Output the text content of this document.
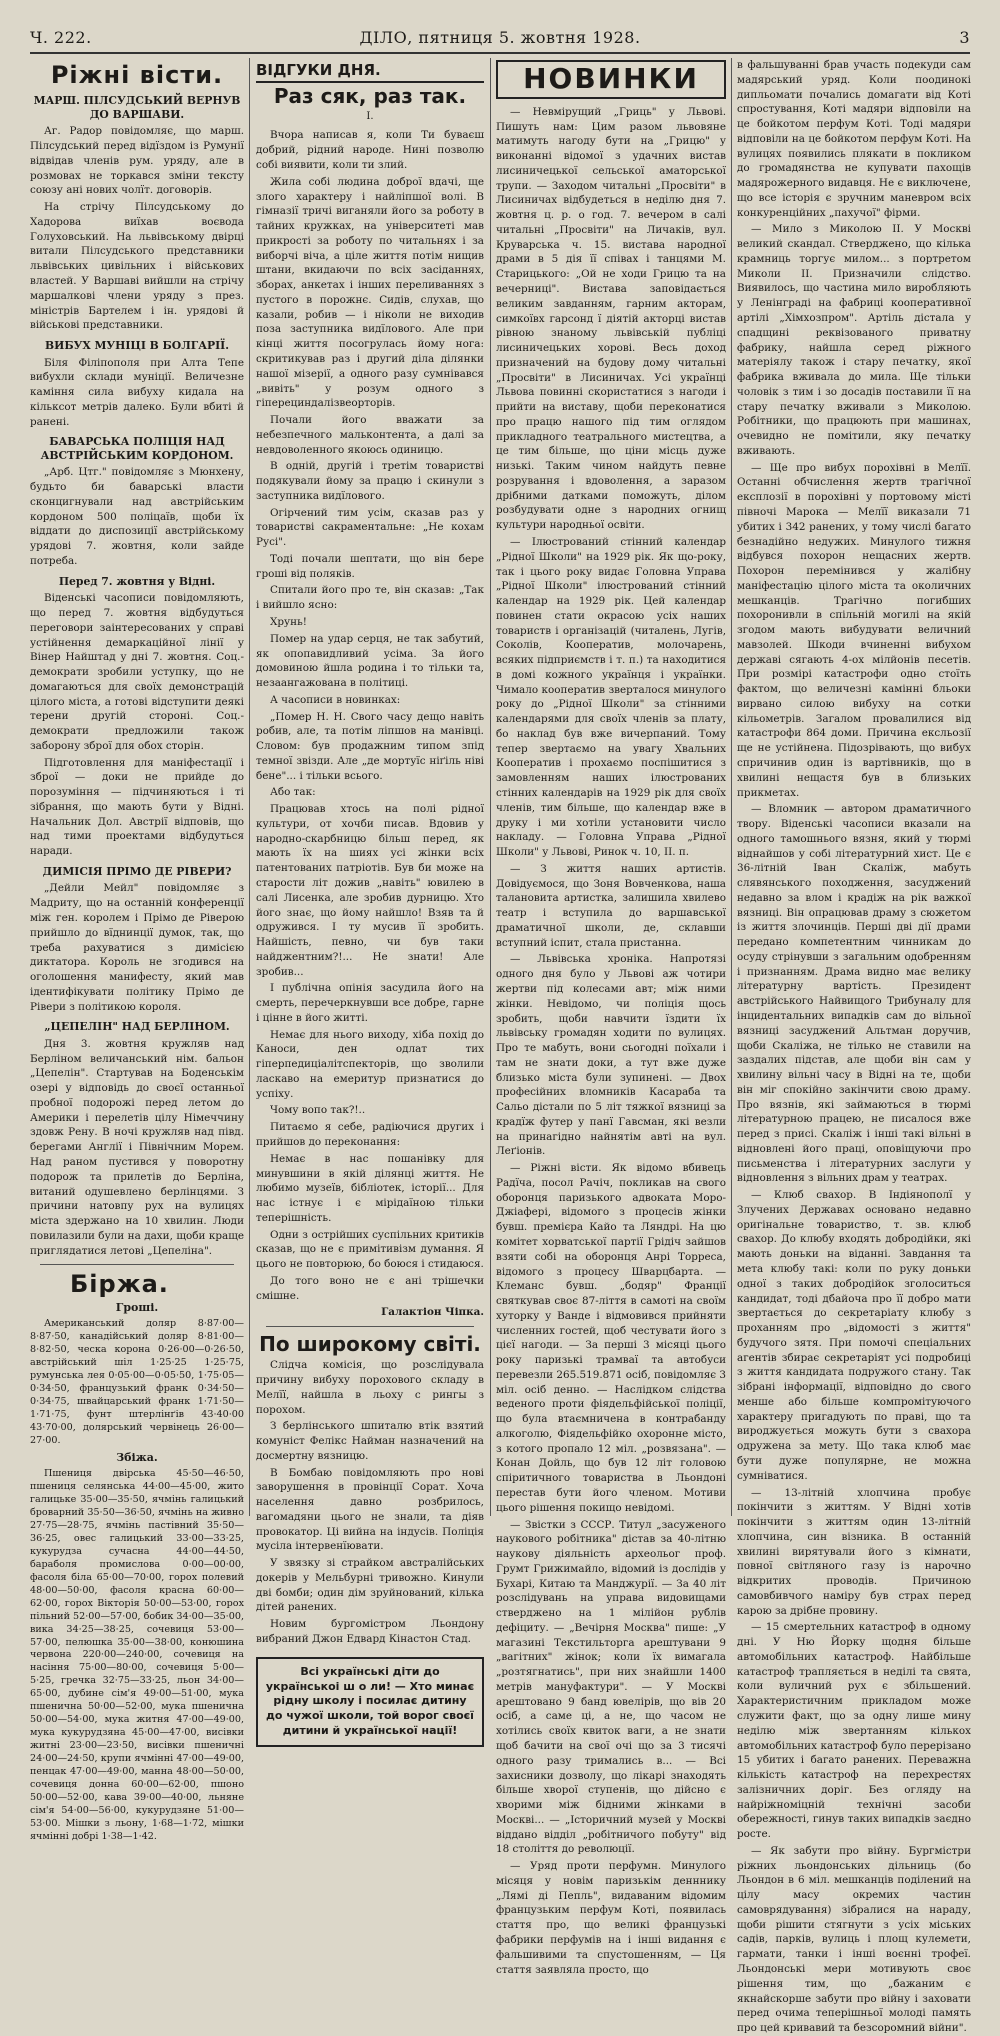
Ч. 222.	ДІЛО, пятниця 5. жовтня 1928.	3
Ріжні вісти.
МАРШ. ПІЛСУДСЬКИЙ ВЕРНУВ ДО ВАРШАВИ.

Аг. Радор повідомляє, що марш. Пілсудський перед відїздом із Румунії відвідав членів рум. уряду, але в розмовах не торкався зміни тексту союзу ані нових чолїт. договорів.

На стрічу Пілсудському до Хадорова виїхав воєвода Голуховський. На львівському двірці витали Пілсудського представники львівських цивільних і військових властей. У Варшаві вийшли на стрічу маршалкові члени уряду з през. міністрів Бартелем і ін. урядові й військові представники.

ВИБУХ МУНІЦІ В БОЛГАРІЇ.

Біля Філіпополя при Алта Тепе вибухли склади муніції. Величезне каміння сила вибуху кидала на кільксот метрів далеко. Були вбиті й ранені.

БАВАРСЬКА ПОЛІЦІЯ НАД АВСТРІЙСЬКИМ КОРДОНОМ.

„Арб. Цтг." повідомляє з Мюнхену, будьто би баварські власти сконцигнували над австрійським кордоном 500 поліцаїв, щоби їх віддати до диспозиції австрійському урядові 7. жовтня, коли зайде потреба.

Перед 7. жовтня у Відні.

Віденські часописи повідомляють, що перед 7. жовтня відбудуться переговори заінтересованих у справі устійнення демаркаційної лінії у Вінер Найштад у дні 7. жовтня. Соц.-демократи зробили уступку, що не домагаються для своїх демонстрацій цілого міста, а готові відступити деякі терени другій стороні. Соц.-демократи предложили також заборону зброї для обох сторін.

Підготовлення для маніфестації і зброї — доки не прийде до порозуміння — підчиняються і ті зібрання, що мають бути у Відні. Начальник Дол. Австрії відповів, що над тими проектами відбудуться наради.

ДИМІСІЯ ПРІМО ДЕ РІВЕРИ?

„Дейли Мейл" повідомляє з Мадриту, що на останній конференції між ген. королем і Прімо де Ріверою прийшло до вїднинції думок, так, що треба рахуватися з димісією диктатора. Король не згодився на оголошення манифесту, який мав ідентифікувати політику Прімо де Рівери з політикою короля.

„ЦЕПЕЛІН" НАД БЕРЛІНОМ.

Дня 3. жовтня кружляв над Берліном величанський нім. бальон „Цепелін". Стартував на Боденськім озері у відповідь до своєї останньої пробної подорожі перед летом до Америки і перелетів цілу Німеччину здовж Рену. В ночі кружляв над півд. берегами Англії і Північним Морем. Над раном пустився у поворотну подорож та прилетів до Берліна, витаний одушевлено берлінцями. З причини натовпу рух на вулицях міста здержано на 10 хвилин. Люди повилазили були на дахи, щоби краще приглядатися летові „Цепеліна".

Біржа.
Гроші.

Американський доляр 8·87·00—8·87·50, канадійський доляр 8·81·00—8·82·50, ческа корона 0·26·00—0·26·50, австрійський шіл 1·25·25 1·25·75, румунська лея 0·05·00—0·05·50, 1·75·05—0·34·50, французький франк 0·34·50—0·34·75, швайцарський франк 1·71·50—1·71·75, фунт штерлінґів 43·40·00 43·70·00, долярський червінець 26·00—27·00.

Збіжа.

Пшениця двірська 45·50—46·50, пшениця селянська 44·00—45·00, жито галицьке 35·00—35·50, ячмінь галицький броварний 35·50—36·50, ячмінь на живно 27·75—28·75, ячмінь пастівний 35·50—36·25, овес галицький 33·00—33·25, кукурудза сучасна 44·00—44·50, бараболя промислова 0·00—00·00, фасоля біла 65·00—70·00, горох полевий 48·00—50·00, фасоля красна 60·00—62·00, горох Вікторія 50·00—53·00, горох пільний 52·00—57·00, бобик 34·00—35·00, вика 34·25—38·25, сочевиця 53·00—57·00, пелюшка 35·00—38·00, конюшина червона 220·00—240·00, сочевиця на насіння 75·00—80·00, сочевиця 5·00—5·25, гречка 32·75—33·25, льон 34·00—65·00, дубине сім'я 49·00—51·00, мука пшенична 50·00—52·00, мука пшенична 50·00—54·00, мука житня 47·00—49·00, мука кукурудзяна 45·00—47·00, висівки житні 23·00—23·50, висівки пшеничні 24·00—24·50, крупи ячмінні 47·00—49·00, пенцак 47·00—49·00, манна 48·00—50·00, сочевиця донна 60·00—62·00, пшоно 50·00—52·00, кава 39·00—40·00, льняне сім'я 54·00—56·00, кукурудзяне 51·00—53·00. Мішки з льону, 1·68—1·72, мішки ячмінні добрі 1·38—1·42.

ВІДГУКИ ДНЯ.
Раз сяк, раз так.
І.

Вчора написав я, коли Ти буваєш добрий, рідний народе. Нині позволю собі виявити, коли ти злий.

Жила собі людина доброї вдачі, ще злого характеру і найліпшої волі. В гімназії тричі виганяли його за роботу в тайних кружках, на університеті мав прикрості за роботу по читальнях і за виборчі віча, а ціле життя потім нищив штани, вкидаючи по всіх засіданнях, зборах, анкетах і інших переливаннях з пустого в порожнє. Сидів, слухав, що казали, робив — і ніколи не виходив поза заступника видїлового. Але при кінці життя посогрулась йому нога: скритикував раз і другий діла ділянки нашої мізерії, а одного разу сумнівався „вивіть" у розум одного з гіперециндалізвеорторів.

Почали його вважати за небезпечного мальконтента, а далі за невдоволенного якоюсь одиницю.

В одній, другій і третім товаристві подякували йому за працю і скинули з заступника видїлового.

Огірчений тим усім, сказав раз у товаристві сакраментальне: „Не кохам Русі".

Тоді почали шептати, що він бере гроші від поляків.

Спитали його про те, він сказав: „Так і вийшло ясно:

Хрунь!

Помер на удар серця, не так забутий, як опопавидливий усіма. За його домовиною йшла родина і то тільки та, незаангажована в політиці.

А часописи в новинках:

„Помер Н. Н. Свого часу дещо навіть робив, але, та потім ліпшов на манівці. Словом: був продажним типом зпід темної звізди. Але „де мортуїс ніґіль ніві бене"... і тільки всього.

Або так:

Працював хтось на полі рідної культури, от хочби писав. Вдовив у народно-скарбницю більш перед, як мають їх на шиях усі жінки всіх патентованих патріотів. Був би може на старости літ дожив „навіть" ювилею в салі Лисенка, але зробив дурницю. Хто його знає, що йому найшло! Взяв та й одружився. І ту мусив її зробить. Найшість, певно, чи був таки найджентним?!... Не знати! Але зробив...

І публічна опінія засудила його на смерть, перечеркнувши все добре, гарне і цінне в його житті.

Немає для нього виходу, хіба похід до Каноси, ден одлат тих гіперпедиціалітспекторів, що зволили ласкаво на емеритур признатися до успіху.

Чому вопо так?!..

Питаємо я себе, радіючися других і прийшов до переконання:

Немає в нас пошанівку для минувшини в якій ділянці життя. Не любимо музеїв, бібліотек, історії... Для нас істнує і є мірідаїною тільки теперішність.

Одни з острійших суспільних критиків сказав, що не є примітивізм думання. Я цього не повторюю, бо боюся і стидаюся.

До того воно не є ані трішечки смішне.

Галактіон Чіпка.
По широкому світі.

Слідча комісія, що розслідувала причину вибуху порохового складу в Мелїї, найшла в льоху с рингы з порохом.

З берлінського шпиталю втік взятий комуніст Фелікс Найман назначений на досмертну вязницю.

В Бомбаю повідомляють про нові заворушення в провінції Сорат. Хоча населення давно розбрилось, вагомадяни цього не знали, та діяв провокатор. Ці вийна на індусів. Поліція мусіла інтервенїювати.

У звязку зі страйком австралійських докерів у Мельбурні тривожно. Кинули дві бомби; один дім зруйнований, кілька дітей ранених.

Новим бургомістром Льондону вибраний Джон Едвард Кінастон Стад.

Всі українські діти до українськоі ш о ли! — Хто минає рідну школу і посилає дитину до чужої школи, той ворог своєї дитини й української нації!
НОВИНКИ

— Невмірущий „Гриць" у Львові. Пишуть нам: Цим разом львовяне матимуть нагоду бути на „Грицю" у виконанні відомої з удачних вистав лисиничецької сельської аматорської трупи. — Заходом читальні „Просвіти" в Лисиничах відбудеться в неділю дня 7. жовтня ц. р. о год. 7. вечером в салі читальні „Просвіти" на Личаків, вул. Круварська ч. 15. вистава народної драми в 5 дія її співах і танцями М. Старицького: „Ой не ходи Грицю та на вечерниці". Вистава заповідається великим завданням, гарним акторам, симкоївх гарсонд ї діятій акторці вистав рівною знаному львівській публіці лисиничецьких хорові. Весь доход призначений на будову дому читальні „Просвіти" в Лисиничах. Усі українці Львова повинні скористатися з нагоди і прийти на виставу, щоби переконатися про працю нашого під тим оглядом прикладного театрального мистецтва, а це тим більше, що ціни місць дуже низькі. Таким чином найдуть певне розрування і вдоволення, а заразом дрібними датками поможуть, ділом розбудувати одне з народних огнищ культури народньої освіти.

— Ілюстрований стінний календар „Рідної Школи" на 1929 рік. Як що-року, так і цього року видає Головна Управа „Рідної Школи" ілюстрований стінний календар на 1929 рік. Цей календар повинен стати окрасою усіх наших товариств і організацій (читалень, Лугів, Соколів, Кооператив, молочарень, всяких підприємств і т. п.) та находитися в домі кожного українця і українки. Чимало кооператив зверталося минулого року до „Рідної Школи" за стінними календарями для своїх членів за плату, бо наклад був вже вичерпаний. Тому тепер звертаємо на увагу Хвальних Кооператив і прохаємо поспішитися з замовленням наших ілюстрованих стінних календарів на 1929 рік для своїх членів, тим більше, що календар вже в друку і ми хотіли установити число накладу. — Головна Управа „Рідної Школи" у Львові, Ринок ч. 10, II. п.

— З життя наших артистів. Довідуємося, що Зоня Вовченкова, наша талановита артистка, залишила хвилево театр і вступила до варшавської драматичної школи, де, склавши вступний іспит, стала пристанна.

— Львівська хроніка. Напротязі одного дня було у Львові аж чотири жертви під колесами авт; між ними жінки. Невідомо, чи поліція щось зробить, щоби навчити їздити їх львівську громадян ходити по вулицях. Про те мабуть, вони сьогодні поїхали і там не знати доки, а тут вже дуже близько міста були зупинені. — Двох професійних вломників Касараба та Сальо дістали по 5 літ тяжкої вязниці за крадїж футер у панї Гавсман, які везли на принагідно найнятім авті на вул. Леґіонів.

— Ріжні вісти. Як відомо вбивець Радїча, посол Рачіч, покликав на свого оборонця паризького адвоката Моро-Джіафері, відомого з процесів жінки бувш. премієра Кайо та Ляндрі. На цю комітет хорватської партії Грідіч зайшов взяти собі на оборонця Анрі Торреса, відомого з процесу Шварцбарта. — Клеманс бувш. „бодяр" Франції святкував своє 87-ліття в самоті на своїм хуторку у Ванде і відмовився прийняти численних гостей, щоб честувати його з цієї нагоди. — За перші 3 місяці цього року паризькі трамваї та автобуси перевезли 265.519.871 осіб, повідомляє 3 міл. осіб денно. — Наслідком слідства веденого проти фіядельфійської поліції, що була втаємничена в контрабанду алкоголю, Фіядельфійко охоронне місто, з котого пропало 12 міл. „розвязана". — Конан Дойль, що був 12 літ головою спіритичного товариства в Льондоні перестав бути його членом. Мотиви цього рішення покищо невідомі.

— Звістки з СССР. Титул „засуженого наукового робітника" дістав за 40-літню наукову діяльність археольог проф. Грумт Грижимайло, відомий із дослідів у Бухарі, Китаю та Манджурії. — За 40 літ розслідувань на управа видовищами стверджено на 1 мілійон рублів дефіциту. — „Вечірня Москва" пише: „У магазині Текстильторга арештувани 9 „вагітних" жінок; коли їх вимагала „розтягнатись", при них знайшли 1400 метрів мануфактури". — У Москві арештовано 9 банд ювелірів, що вів 20 осіб, а саме ці, а не, що часом не хотілись своїх квиток ваги, а не знати щоб бачити на свої очі що за 3 тисячі одного разу тримались в... — Всі захисники дозволу, що лікарі знаходять більше хворої ступенів, що дійсно є хворими між бідними жінками в Москві... — „Історичний музей у Москві віддано відділ „робітничого побуту" від 18 століття до революції.

— Уряд проти перфумн. Минулого місяця у новім паризькім денннику „Лямі ді Пепль", видаваним відомим французьким перфум Коті, появилась стаття про, що великі французькі фабрики перфумів на і інші видання є фальшивими та спустошенням, — Ця стаття заявляла просто, що

в фальшуванні брав участь подекуди сам мадярський уряд. Коли поодинокі дипльомати почались домагати від Коті спростування, Коті мадяри відповіли на це бойкотом перфум Коті. Тоді мадяри відповіли на це бойкотом перфум Коті. На вулицях появились плякати в покликом до громадянства не купувати пахощів мадярожерного видавця. Не є виключене, що все історія є зручним маневром всіх конкуренційних „пахучої" фірми.

— Мило з Миколою II. У Москві великий скандал. Стверджено, що кілька крамниць торгує милом... з портретом Миколи II. Призначили слідство. Виявилось, що частина мило виробляють у Ленінграді на фабриці кооперативної артілі „Хімхозпром". Артіль дістала у спадщині реквізованого приватну фабрику, найшла серед ріжного матеріялу також і стару печатку, якої фабрика вживала до мила. Ще тільки чоловік з тим і зо досадів поставили її на стару печатку вживали з Миколою. Робітники, що працюють при машинах, очевидно не помітили, яку печатку вживають.

— Ще про вибух порохівні в Мелїї. Останні обчислення жертв трагічної експлозії в порохівні у портовому місті півночі Марока — Мелїї виказали 71 убитих і 342 ранених, у тому числі багато безнадійно недужих. Минулого тижня відбувся похорон нещасних жертв. Похорон перемінився у жалібну маніфестацію цілого міста та околичних мешканців. Трагічно погибших похоронивли в спільній могилі на якій згодом мають вибудувати величний мавзолей. Шкоди вчиненні вибухом державі сягають 4-ох мілйонів песетів. При розмірі катастрофи одно стоїть фактом, що величезні камінні бльоки вирвано силою вибуху на сотки кільометрів. Загалом провалилися від катастрофи 864 доми. Причина ексльозії ще не устійнена. Підозрівають, що вибух спричинив один із вартівників, що в хвилинi нещастя був в близьких прикметах.

— Вломник — автором драматичного твору. Віденські часописи вказали на одного тамошнього вязня, який у тюрмі віднайшов у собі літературний хист. Це є 36-літній Іван Скаліж, мабуть слявянського походження, засуджений недавно за влом і крадіж на рік важкої вязниці. Він опрацював драму з сюжетом із життя злочинців. Перші дві дії драми передано компетентним чинникам до осуду стрінувши з загальним одобренням і признанням. Драма видно має велику літературну вартість. Президент австрійського Найвищого Трибуналу для інцидентальних випадків сам до вільної вязниці засуджений Альтман доручив, щоби Скаліжа, не тілько не ставили на заздалих підстав, але щоби він сам у хвилину вільні часу в Відні на те, щоби він міг спокійно закінчити свою драму. Про вязнів, які займаються в тюрмі літературною працею, не писалося вже перед з присі. Скаліж і інші такі вільні в відновлені його праці, оповіщуючи про письменства і літературних заслуги у відновлення з вільних драм у театрах.

— Клюб свахор. В Індіянополї у Злучених Державах основано недавно оригінальне товариство, т. зв. клюб свахор. До клюбу входять добродійки, які мають доньки на віданні. Завдання та мета клюбу такі: коли по руку доньки одної з таких добродійок зголоситься кандидат, тоді дбайоча про її добро мати звертається до секретаріату клюбу з проханням про „відомості з життя" будучого зятя. При помочі спеціальних агентів збирає секретаріят усі подробиці з життя кандидата подружого стану. Так зібрані інформації, відповідно до свого менше або більше компромітуючого характеру пригадують по праві, що та вироджується можуть бути з свахора одружена за мету. Що така клюб має бути дуже популярне, не можна сумніватися.

— 13-літній хлопчина пробує покінчити з життям. У Відні хотів покінчити з життям один 13-літній хлопчина, син візника. В останній хвилині вирятували його з кімнати, повної світляного газу із нарочно відкритих проводів. Причиною самовбивчого наміру був страх перед карою за дрібне провину.

— 15 смертельних катастроф в одному дні. У Ню Йорку щодня більше автомобільних катастроф. Найбільше катастроф трапляється в неділі та свята, коли вуличний рух є збільшений. Характеристичним прикладом може служити факт, що за одну лише мину неділю між звертанням кількох автомобільних катастроф було перерізано 15 убитих і багато ранених. Переважна кількість катастроф на перехрестях залізничних доріг. Без огляду на найріжноміцній технічні засоби обережності, гинув таких випадків заєдно росте.

— Як забути про війну. Бургмістри ріжних льондонських дільниць (бо Льондон в 6 міл. мешканців поділений на цілу масу окремих частин самоврядування) зібралися на нараду, щоби рішити стягнути з усіх міських садів, парків, вулиць і площ кулемети, гармати, танки і інші воєнні трофеї. Льондонські мери мотивують своє рішення тим, що „бажаним є якнайскорше забути про війну і заховати перед очима теперішньої молоді память про цей кривавий та безсоромний війни".
